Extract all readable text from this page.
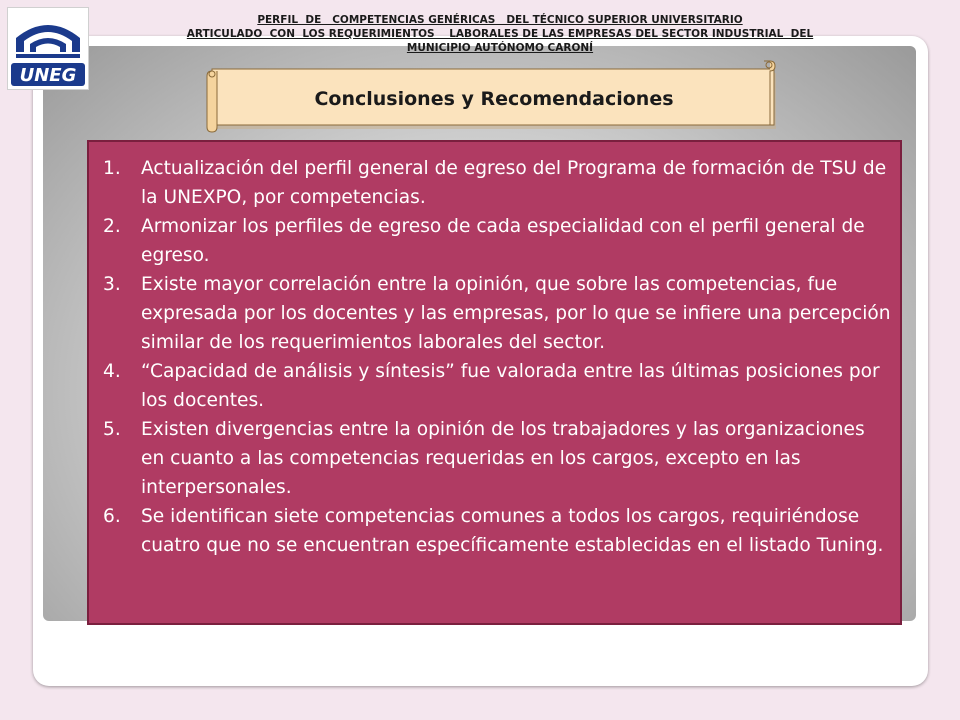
UNEG
PERFIL  DE   COMPETENCIAS GENÉRICAS   DEL TÉCNICO SUPERIOR UNIVERSITARIO
ARTICULADO  CON  LOS REQUERIMIENTOS    LABORALES DE LAS EMPRESAS DEL SECTOR INDUSTRIAL  DEL
MUNICIPIO AUTÓNOMO CARONÍ
Conclusiones y Recomendaciones
1.	Actualización del perfil general de egreso del Programa de formación de TSU de la UNEXPO, por competencias.
2.	Armonizar los perfiles de egreso de cada especialidad con el perfil general de egreso.
3.	Existe mayor correlación entre la opinión, que sobre las competencias, fue expresada por los docentes y las empresas, por lo que se infiere una percepción similar de los requerimientos laborales del sector.
4.	“Capacidad de análisis y síntesis” fue valorada entre las últimas posiciones por los docentes.
5.	Existen divergencias entre la opinión de los trabajadores y las organizaciones en cuanto a las competencias requeridas en los cargos, excepto en las interpersonales.
6.	Se identifican siete competencias comunes a todos los cargos, requiriéndose cuatro que no se encuentran específicamente establecidas en el listado Tuning.
